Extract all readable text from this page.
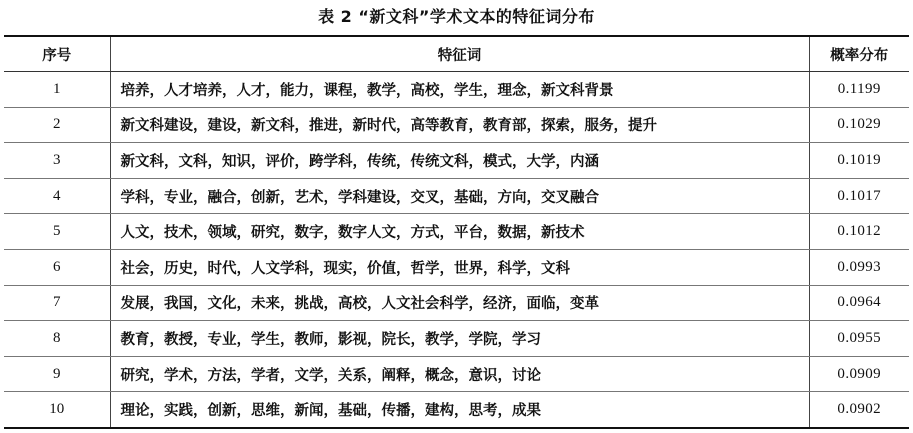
表 2 “新文科”学术文本的特征词分布
序号	特征词	概率分布
1	培养，人才培养，人才，能力，课程，教学，高校，学生，理念，新文科背景	0.1199
2	新文科建设，建设，新文科，推进，新时代，高等教育，教育部，探索，服务，提升	0.1029
3	新文科，文科，知识，评价，跨学科，传统，传统文科，模式，大学，内涵	0.1019
4	学科，专业，融合，创新，艺术，学科建设，交叉，基础，方向，交叉融合	0.1017
5	人文，技术，领域，研究，数字，数字人文，方式，平台，数据，新技术	0.1012
6	社会，历史，时代，人文学科，现实，价值，哲学，世界，科学，文科	0.0993
7	发展，我国，文化，未来，挑战，高校，人文社会科学，经济，面临，变革	0.0964
8	教育，教授，专业，学生，教师，影视，院长，教学，学院，学习	0.0955
9	研究，学术，方法，学者，文学，关系，阐释，概念，意识，讨论	0.0909
10	理论，实践，创新，思维，新闻，基础，传播，建构，思考，成果	0.0902
